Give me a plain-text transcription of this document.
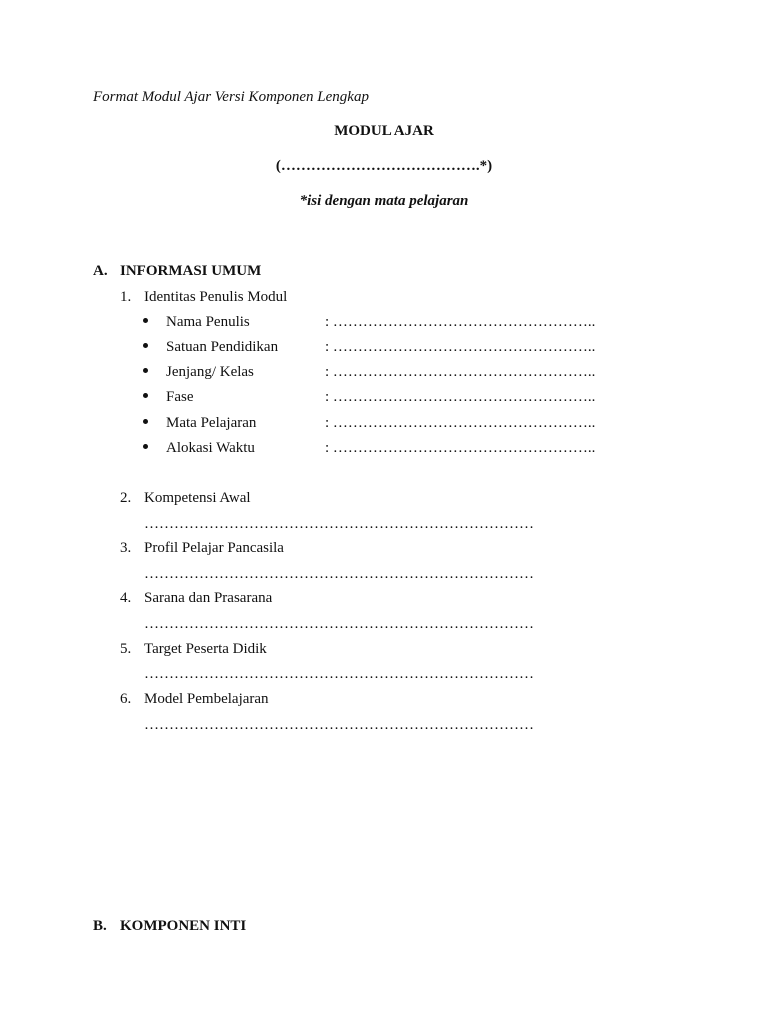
Format Modul Ajar Versi Komponen Lengkap
MODUL AJAR
(………………………………….*)
*isi dengan mata pelajaran
A. INFORMASI UMUM
1. Identitas Penulis Modul
Nama Penulis	: ……………………………………………..
Satuan Pendidikan	: ……………………………………………..
Jenjang/ Kelas	: ……………………………………………..
Fase	: ……………………………………………..
Mata Pelajaran	: ……………………………………………..
Alokasi Waktu	: ……………………………………………..
2. Kompetensi Awal
……………………………………………………………………
3. Profil Pelajar Pancasila
……………………………………………………………………
4. Sarana dan Prasarana
……………………………………………………………………
5. Target Peserta Didik
……………………………………………………………………
6. Model Pembelajaran
……………………………………………………………………
B. KOMPONEN INTI
